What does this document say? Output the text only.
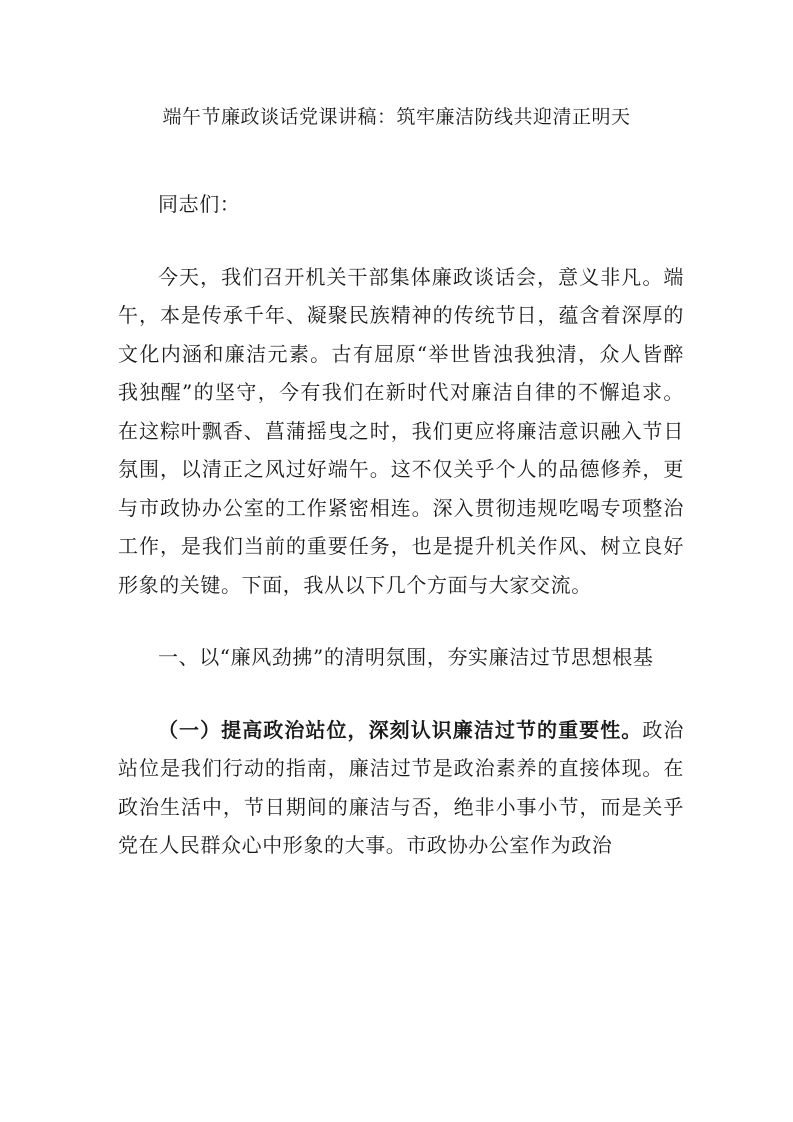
端午节廉政谈话党课讲稿：筑牢廉洁防线共迎清正明天

同志们：

今天，我们召开机关干部集体廉政谈话会，意义非凡。端午，本是传承千年、凝聚民族精神的传统节日，蕴含着深厚的文化内涵和廉洁元素。古有屈原“举世皆浊我独清，众人皆醉我独醒”的坚守，今有我们在新时代对廉洁自律的不懈追求。在这粽叶飘香、菖蒲摇曳之时，我们更应将廉洁意识融入节日氛围，以清正之风过好端午。这不仅关乎个人的品德修养，更与市政协办公室的工作紧密相连。深入贯彻违规吃喝专项整治工作，是我们当前的重要任务，也是提升机关作风、树立良好形象的关键。下面，我从以下几个方面与大家交流。

一、以“廉风劲拂”的清明氛围，夯实廉洁过节思想根基

（一）提高政治站位，深刻认识廉洁过节的重要性。政治站位是我们行动的指南，廉洁过节是政治素养的直接体现。在政治生活中，节日期间的廉洁与否，绝非小事小节，而是关乎党在人民群众心中形象的大事。市政协办公室作为政治
